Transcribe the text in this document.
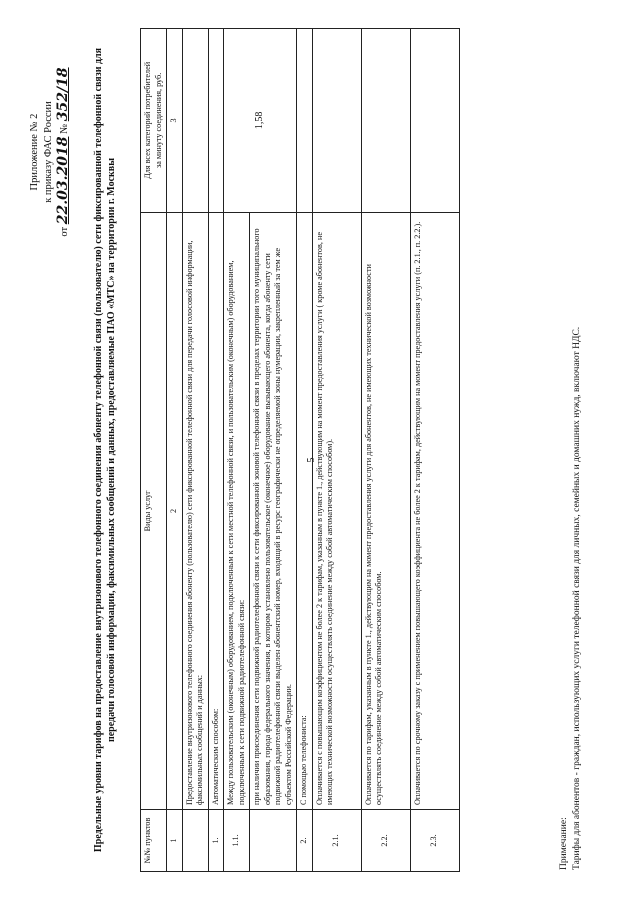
5
Приложение № 2 к приказу ФАС России
от 22.03.2018 № 352/18 Предельные уровни тарифов на предоставление внутризонового телефонного соединения абоненту телефонной связи (пользователю) сети фиксированной телефонной связи для передачи голосовой информации, факсимильных сообщений и данных, предоставляемые ПАО «МТС» на территории г. Москвы
№№ пунктов	Виды услуг	Для всех категорий потребителей за минуту соединения, руб.

1	2	3
	Предоставление внутризонового телефонного соединения абоненту (пользователю) сети фиксированной телефонной связи для передачи голосовой информации, факсимильных сообщений и данных:	
1.	Автоматическим способом:	
1.1.	Между пользовательским (оконечным) оборудованием, подключенным к сети местной телефонной связи, и пользовательским (оконечным) оборудованием, подключенным к сети подвижной радиотелефонной связи:	1,58
	при наличии присоединения сети подвижной радиотелефонной связи к сети фиксированной зоновой телефонной связи в пределах территории того муниципального образования, города федерального значения, в котором установлено пользовательское (оконечное) оборудование вызывающего абонента, когда абоненту сети подвижной радиотелефонной связи выделен абонентский номер, входящий в ресурс географически не определяемой зоны нумерации, закрепленный за тем же субъектом Российской Федерации.	
2.	С помощью телефониста:	
2.1.	Оплачивается с повышающим коэффициентом не более 2 к тарифам, указанным в пункте 1., действующим на момент предоставления услуги ( кроме абонентов, не имеющих технической возможности осуществлять соединение между собой автоматическим способом).	
2.2.	Оплачивается по тарифам, указанным в пункте 1., действующим на момент предоставления услуги для абонентов, не имеющих технической возможности осуществлять соединение между собой автоматическим способом.	
2.3.	Оплачивается по срочному заказу с применением повышающего коэффициента не более 2 к тарифам, действующим на момент предоставления услуги (п. 2.1., п. 2.2.).	
Примечание: Тарифы для абонентов - граждан, использующих услуги телефонной связи для личных, семейных и домашних нужд, включают НДС.
